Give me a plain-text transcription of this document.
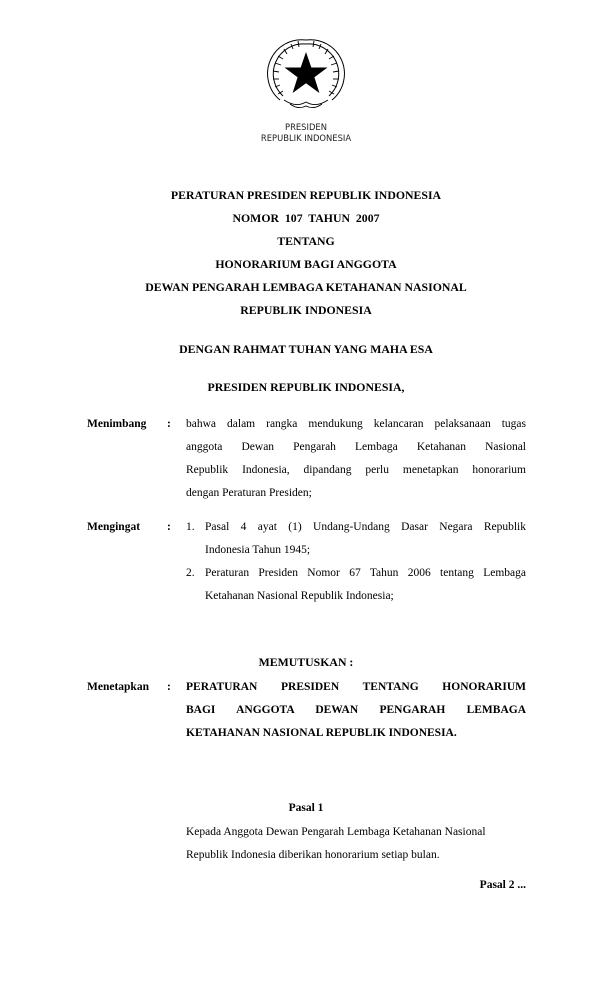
PRESIDEN
REPUBLIK INDONESIA
PERATURAN PRESIDEN REPUBLIK INDONESIA
NOMOR  107  TAHUN  2007
TENTANG
HONORARIUM BAGI ANGGOTA
DEWAN PENGARAH LEMBAGA KETAHANAN NASIONAL
REPUBLIK INDONESIA
DENGAN RAHMAT TUHAN YANG MAHA ESA
PRESIDEN REPUBLIK INDONESIA,
Menimbang : bahwa dalam rangka mendukung kelancaran pelaksanaan tugas
anggota Dewan Pengarah Lembaga Ketahanan Nasional
Republik Indonesia, dipandang perlu menetapkan honorarium
dengan Peraturan Presiden;
Mengingat : 1. Pasal 4 ayat (1) Undang-Undang Dasar Negara Republik
Indonesia Tahun 1945;
2. Peraturan Presiden Nomor 67 Tahun 2006 tentang Lembaga
Ketahanan Nasional Republik Indonesia;
MEMUTUSKAN :
Menetapkan : PERATURAN PRESIDEN TENTANG HONORARIUM
BAGI ANGGOTA DEWAN PENGARAH LEMBAGA
KETAHANAN NASIONAL REPUBLIK INDONESIA.
Pasal 1
Kepada Anggota Dewan Pengarah Lembaga Ketahanan Nasional
Republik Indonesia diberikan honorarium setiap bulan.
Pasal 2 ...
